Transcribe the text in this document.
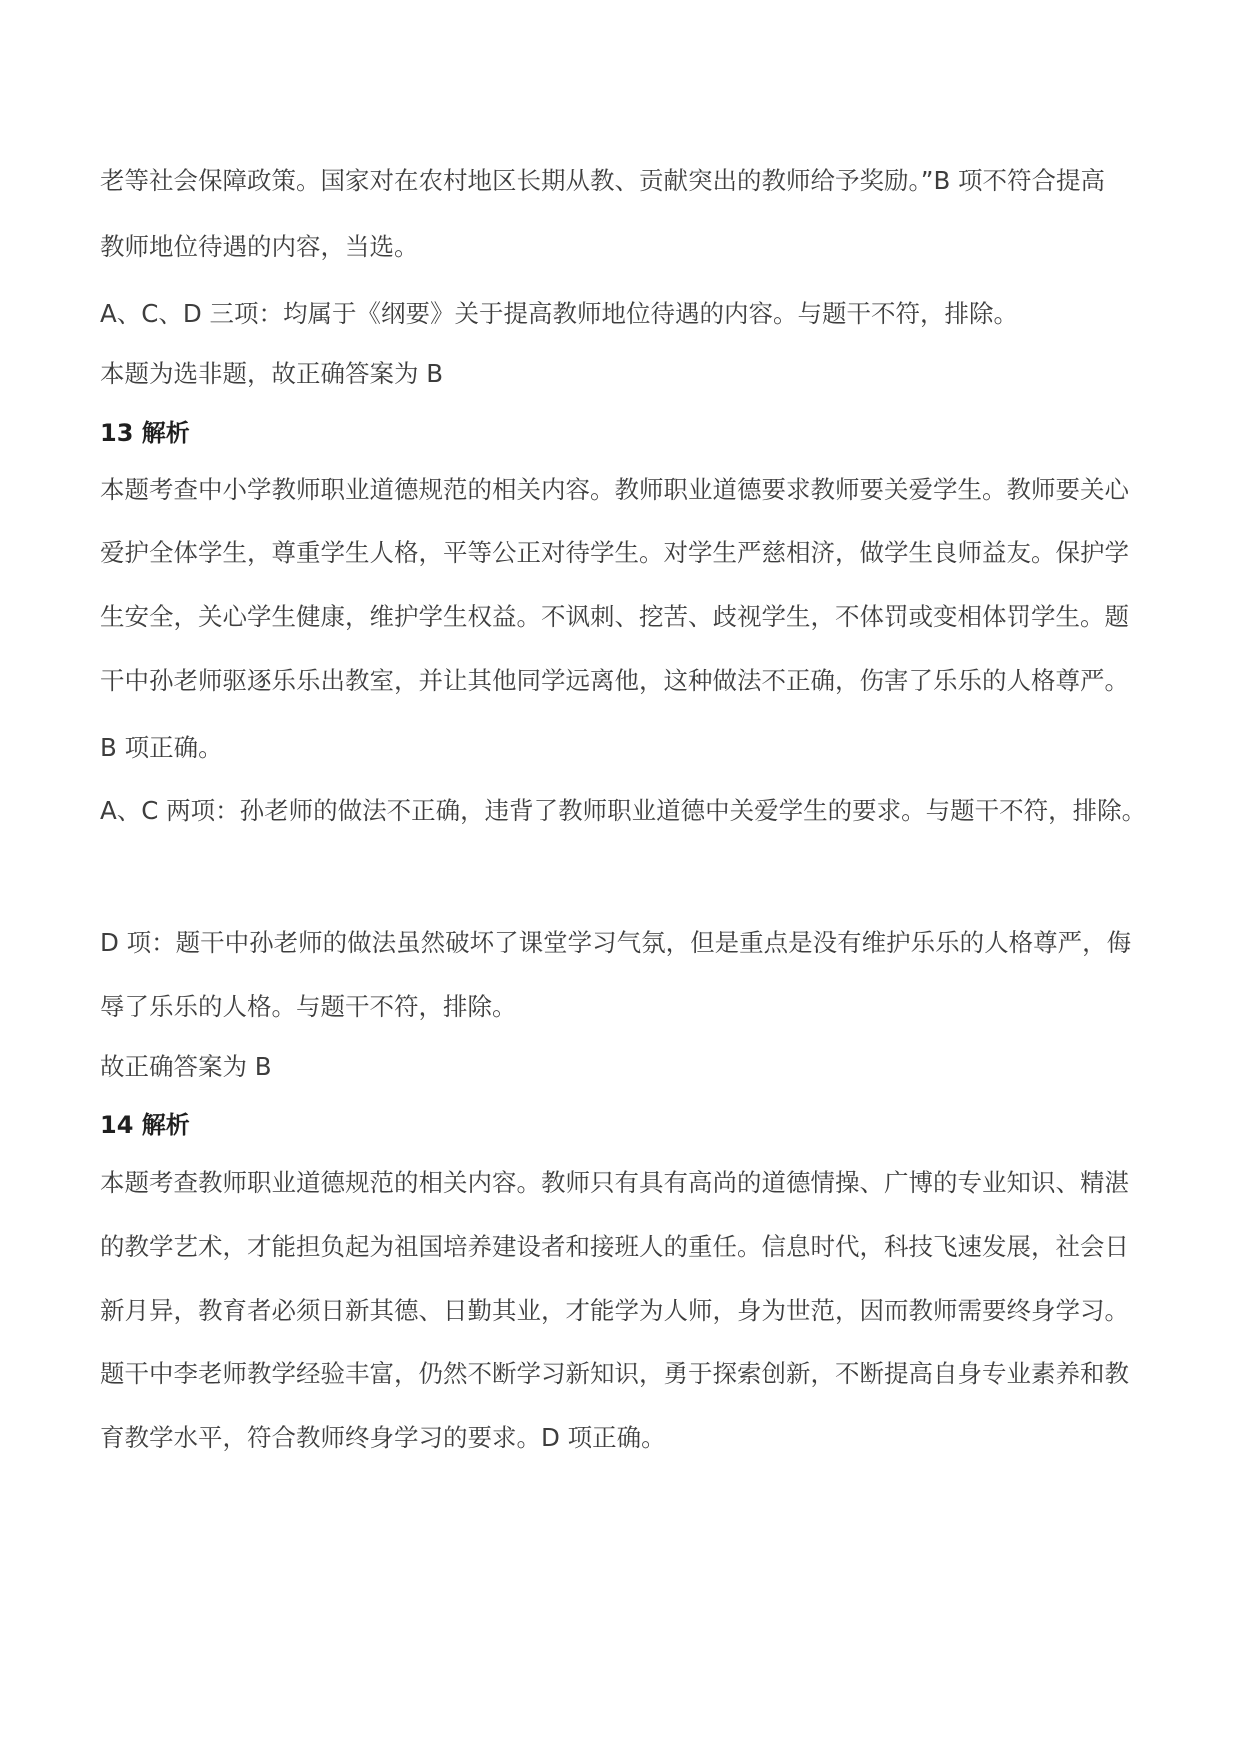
老等社会保障政策。国家对在农村地区长期从教、贡献突出的教师给予奖励。”B 项不符合提高
教师地位待遇的内容，当选。
A、C、D 三项：均属于《纲要》关于提高教师地位待遇的内容。与题干不符，排除。
本题为选非题，故正确答案为 B
13 解析
本题考查中小学教师职业道德规范的相关内容。教师职业道德要求教师要关爱学生。教师要关心
爱护全体学生，尊重学生人格，平等公正对待学生。对学生严慈相济，做学生良师益友。保护学
生安全，关心学生健康，维护学生权益。不讽刺、挖苦、歧视学生，不体罚或变相体罚学生。题
干中孙老师驱逐乐乐出教室，并让其他同学远离他，这种做法不正确，伤害了乐乐的人格尊严。
B 项正确。
A、C 两项：孙老师的做法不正确，违背了教师职业道德中关爱学生的要求。与题干不符，排除。
D 项：题干中孙老师的做法虽然破坏了课堂学习气氛，但是重点是没有维护乐乐的人格尊严，侮
辱了乐乐的人格。与题干不符，排除。
故正确答案为 B
14 解析
本题考查教师职业道德规范的相关内容。教师只有具有高尚的道德情操、广博的专业知识、精湛
的教学艺术，才能担负起为祖国培养建设者和接班人的重任。信息时代，科技飞速发展，社会日
新月异，教育者必须日新其德、日勤其业，才能学为人师，身为世范，因而教师需要终身学习。
题干中李老师教学经验丰富，仍然不断学习新知识，勇于探索创新，不断提高自身专业素养和教
育教学水平，符合教师终身学习的要求。D 项正确。
